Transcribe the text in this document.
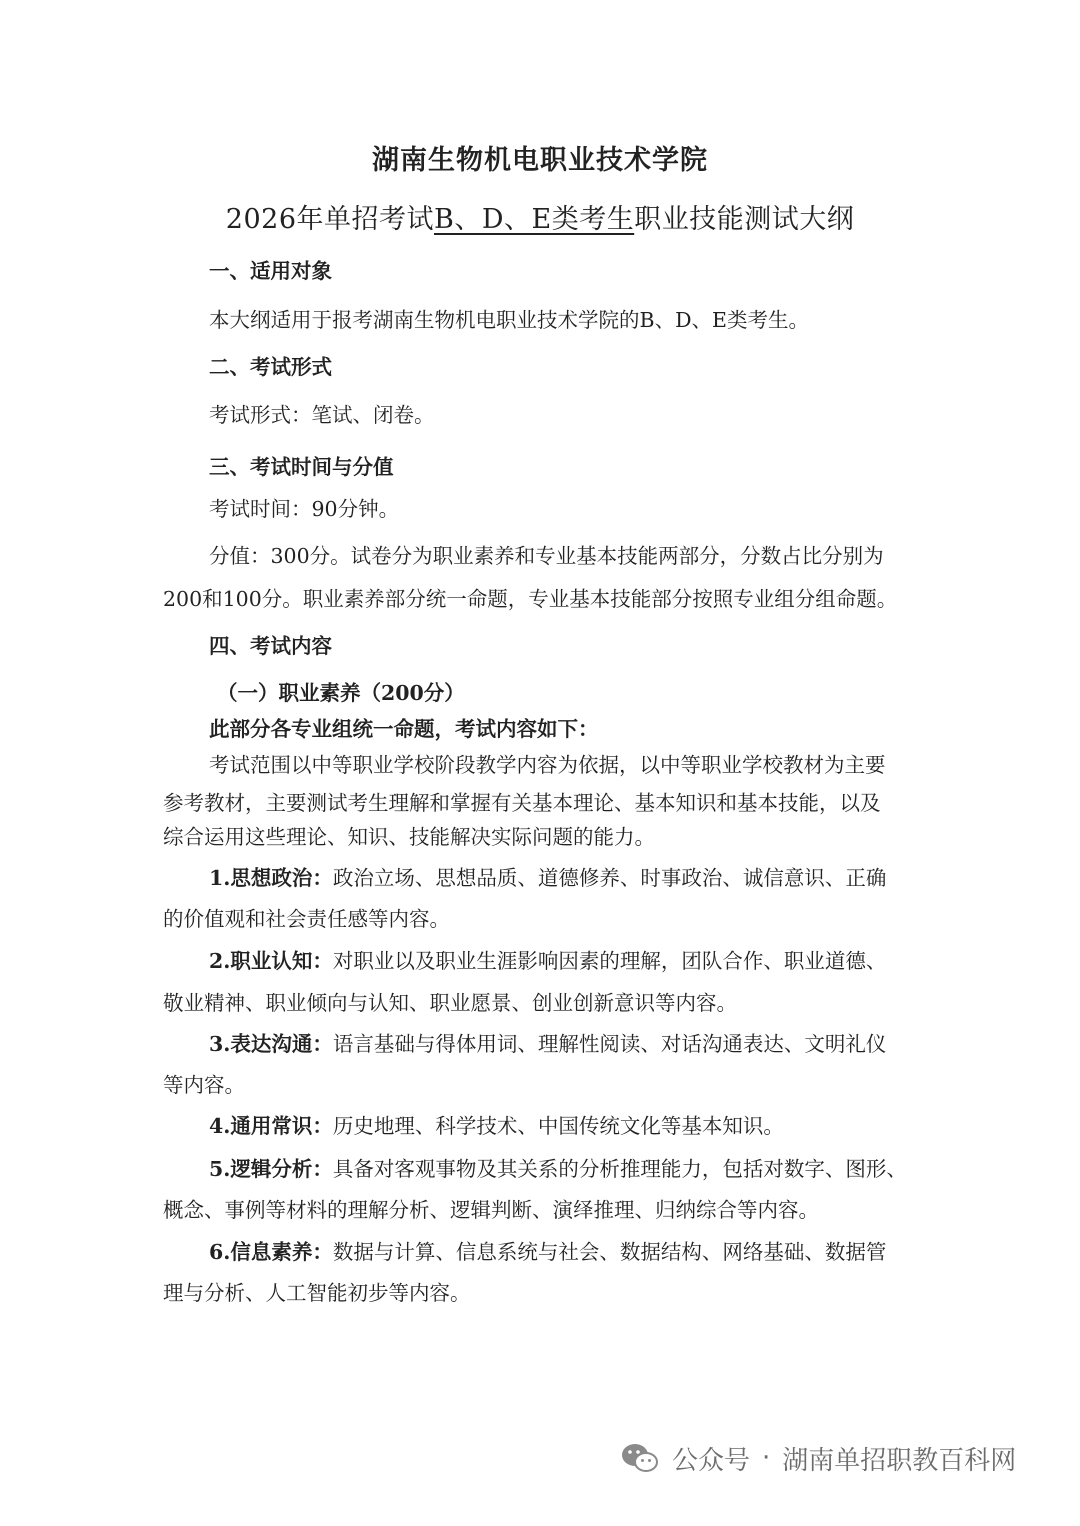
湖南生物机电职业技术学院
2026年单招考试B、D、E类考生职业技能测试大纲
一、适用对象
本大纲适用于报考湖南生物机电职业技术学院的B、D、E类考生。
二、考试形式
考试形式：笔试、闭卷。
三、考试时间与分值
考试时间：90分钟。
分值：300分。试卷分为职业素养和专业基本技能两部分，分数占比分别为
200和100分。职业素养部分统一命题，专业基本技能部分按照专业组分组命题。
四、考试内容
（一）职业素养（200分）
此部分各专业组统一命题，考试内容如下：
考试范围以中等职业学校阶段教学内容为依据，以中等职业学校教材为主要
参考教材，主要测试考生理解和掌握有关基本理论、基本知识和基本技能，以及
综合运用这些理论、知识、技能解决实际问题的能力。
1.思想政治：政治立场、思想品质、道德修养、时事政治、诚信意识、正确
的价值观和社会责任感等内容。
2.职业认知：对职业以及职业生涯影响因素的理解，团队合作、职业道德、
敬业精神、职业倾向与认知、职业愿景、创业创新意识等内容。
3.表达沟通：语言基础与得体用词、理解性阅读、对话沟通表达、文明礼仪
等内容。
4.通用常识：历史地理、科学技术、中国传统文化等基本知识。
5.逻辑分析：具备对客观事物及其关系的分析推理能力，包括对数字、图形、
概念、事例等材料的理解分析、逻辑判断、演绎推理、归纳综合等内容。
6.信息素养：数据与计算、信息系统与社会、数据结构、网络基础、数据管
理与分析、人工智能初步等内容。
公众号 · 湖南单招职教百科网
